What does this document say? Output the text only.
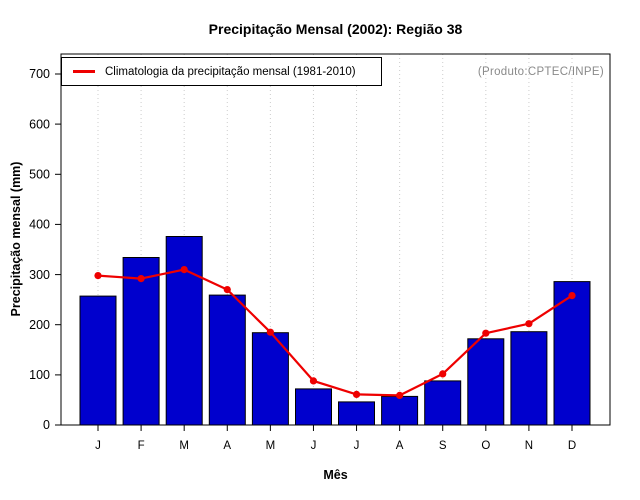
Precipitação Mensal (2002): Região 38
0
100
200
300
400
500
600
700
J	F	M	A	M	J	J	A	S	O	N	D
Climatologia da precipitação mensal (1981-2010)	(Produto:CPTEC/INPE)
Precipitação mensal (mm)
Mês
